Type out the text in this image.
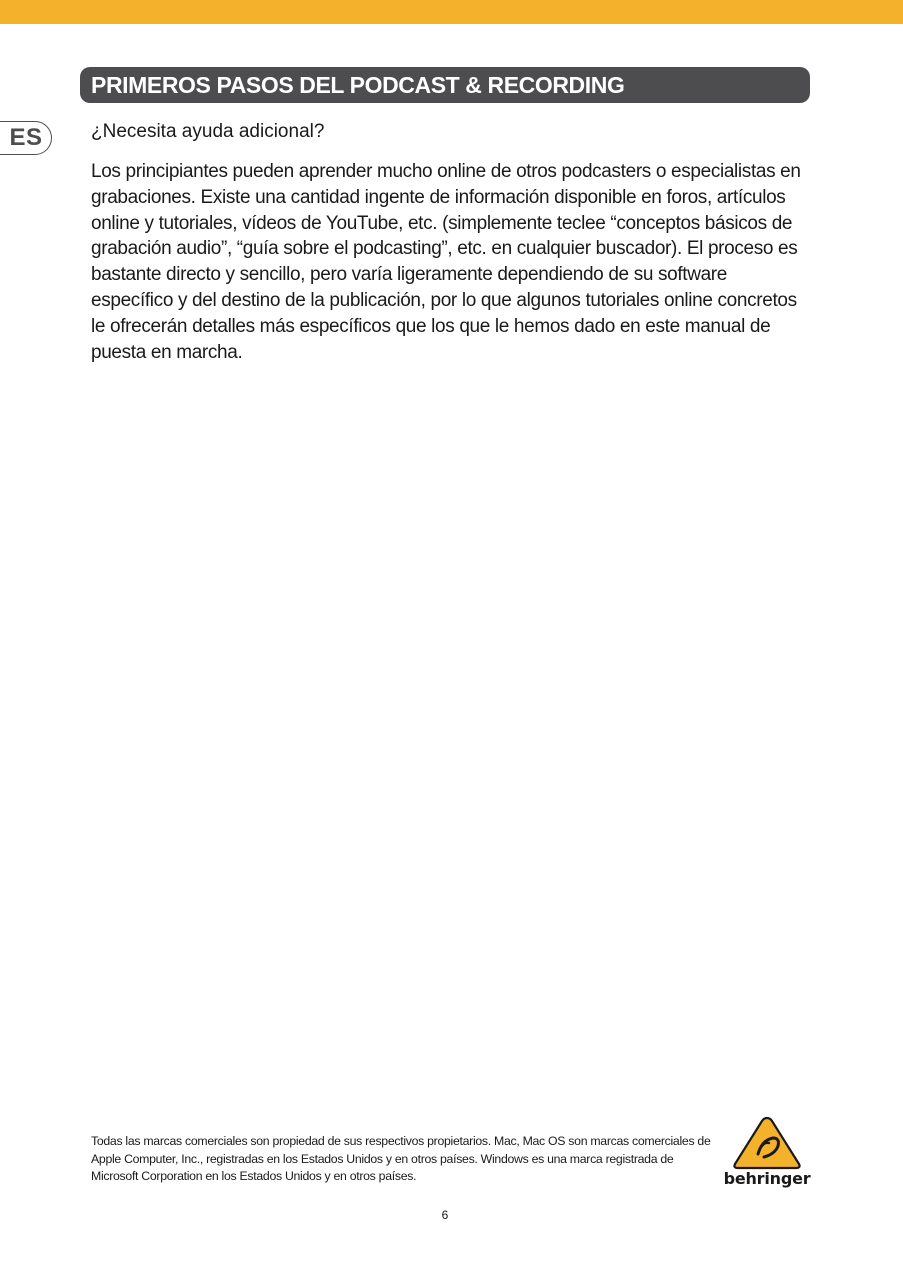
PRIMEROS PASOS DEL PODCAST & RECORDING
ES	¿Necesita ayuda adicional?

Los principiantes pueden aprender mucho online de otros podcasters o especialistas en grabaciones. Existe una cantidad ingente de información disponible en foros, artículos online y tutoriales, vídeos de YouTube, etc. (simplemente teclee “conceptos básicos de grabación audio”, “guía sobre el podcasting”, etc. en cualquier buscador). El proceso es bastante directo y sencillo, pero varía ligeramente dependiendo de su software específico y del destino de la publicación, por lo que algunos tutoriales online concretos le ofrecerán detalles más específicos que los que le hemos dado en este manual de puesta en marcha.

Todas las marcas comerciales son propiedad de sus respectivos propietarios. Mac, Mac OS son marcas comerciales de Apple Computer, Inc., registradas en los Estados Unidos y en otros países. Windows es una marca registrada de Microsoft Corporation en los Estados Unidos y en otros países.	behringer
6
